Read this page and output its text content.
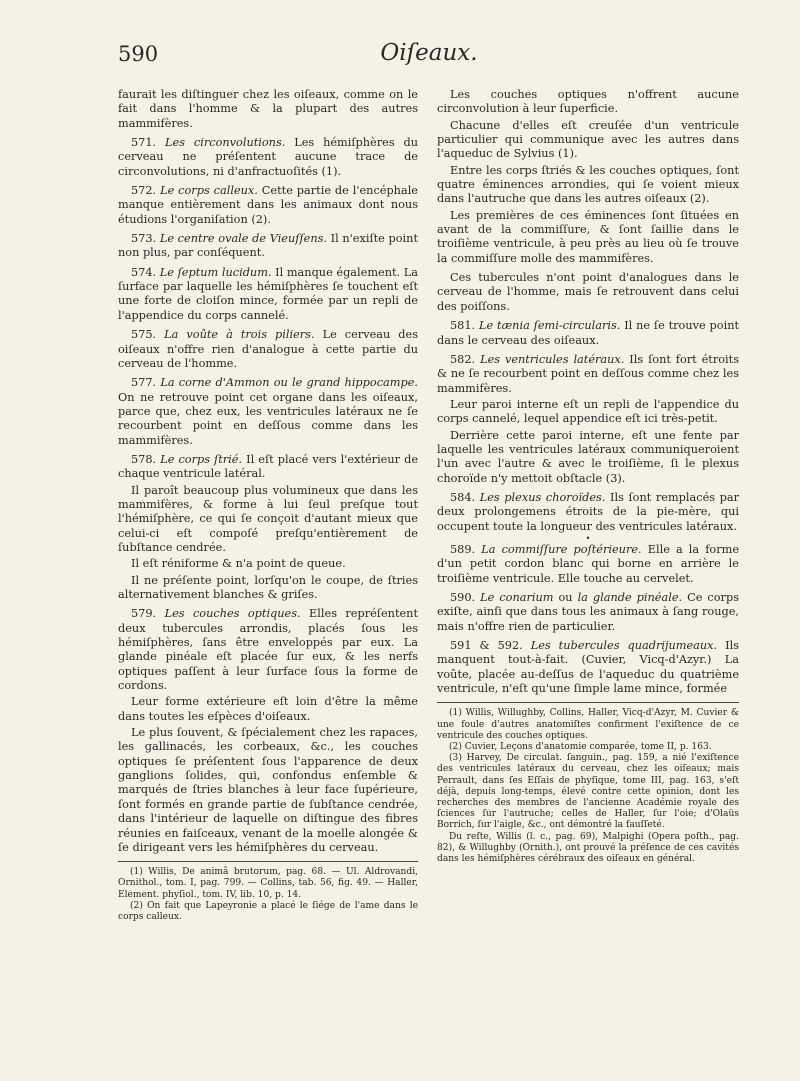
590	Oiſeaux.

faurait les diſtinguer chez les oiſeaux, comme on le fait dans l'homme & la plupart des autres mammifères.

571. Les circonvolutions. Les hémiſphères du cerveau ne préſentent aucune trace de circonvolutions, ni d'anfractuoſités (1).

572. Le corps calleux. Cette partie de l'encéphale manque entièrement dans les animaux dont nous étudions l'organiſation (2).

573. Le centre ovale de Vieuſſens. Il n'exiſte point non plus, par conſéquent.

574. Le ſeptum lucidum. Il manque également. La ſurface par laquelle les hémiſphères ſe touchent eſt une forte de cloiſon mince, formée par un repli de l'appendice du corps cannelé.

575. La voûte à trois piliers. Le cerveau des oiſeaux n'offre rien d'analogue à cette partie du cerveau de l'homme.

577. La corne d'Ammon ou le grand hippocampe. On ne retrouve point cet organe dans les oiſeaux, parce que, chez eux, les ventricules latéraux ne ſe recourbent point en deſſous comme dans les mammifères.

578. Le corps ſtrié. Il eſt placé vers l'extérieur de chaque ventricule latéral.

Il paroît beaucoup plus volumineux que dans les mammifères, & forme à lui ſeul preſque tout l'hémiſphère, ce qui ſe conçoit d'autant mieux que celui-ci eſt compoſé preſqu'entièrement de ſubſtance cendrée.

Il eſt réniforme & n'a point de queue.

Il ne préſente point, lorſqu'on le coupe, de ſtries alternativement blanches & griſes.

579. Les couches optiques. Elles repréſentent deux tubercules arrondis, placés ſous les hémiſphères, ſans être enveloppés par eux. La glande pinéale eſt placée ſur eux, & les nerfs optiques paſſent à leur ſurface ſous la forme de cordons.

Leur forme extérieure eſt loin d'être la même dans toutes les eſpèces d'oiſeaux.

Le plus ſouvent, & ſpécialement chez les rapaces, les gallinacés, les corbeaux, &c., les couches optiques ſe préſentent ſous l'apparence de deux ganglions ſolides, qui, confondus enſemble & marqués de ſtries blanches à leur face ſupérieure, ſont formés en grande partie de ſubſtance cendrée, dans l'intérieur de laquelle on diſtingue des fibres réunies en faiſceaux, venant de la moelle alongée & ſe dirigeant vers les hémiſphères du cerveau.

(1) Willis, De animâ brutorum, pag. 68. — Ul. Aldrovandi, Ornithol., tom. I, pag. 799. — Collins, tab. 56, fig. 49. — Haller, Element. phyſiol., tom. IV, lib. 10, p. 14.

(2) On fait que Lapeyronie a placé le ſiége de l'ame dans le corps calleux.

Les couches optiques n'offrent aucune circonvolution à leur ſuperficie.

Chacune d'elles eſt creuſée d'un ventricule particulier qui communique avec les autres dans l'aqueduc de Sylvius (1).

Entre les corps ſtriés & les couches optiques, ſont quatre éminences arrondies, qui ſe voient mieux dans l'autruche que dans les autres oiſeaux (2).

Les premières de ces éminences ſont ſituées en avant de la commiſſure, & ſont ſaillie dans le troiſième ventricule, à peu près au lieu où ſe trouve la commiſſure molle des mammifères.

Ces tubercules n'ont point d'analogues dans le cerveau de l'homme, mais ſe retrouvent dans celui des poiſſons.

581. Le tænia ſemi-circularis. Il ne ſe trouve point dans le cerveau des oiſeaux.

582. Les ventricules latéraux. Ils ſont fort étroits & ne ſe recourbent point en deſſous comme chez les mammifères.

Leur paroi interne eſt un repli de l'appendice du corps cannelé, lequel appendice eſt ici très-petit.

Derrière cette paroi interne, eſt une fente par laquelle les ventricules latéraux communiqueroient l'un avec l'autre & avec le troiſième, ſi le plexus choroïde n'y mettoit obſtacle (3).

584. Les plexus choroïdes. Ils ſont remplacés par deux prolongemens étroits de la pie-mère, qui occupent toute la longueur des ventricules latéraux.

•

589. La commiſſure poſtérieure. Elle a la forme d'un petit cordon blanc qui borne en arrière le troiſième ventricule. Elle touche au cervelet.

590. Le conarium ou la glande pinéale. Ce corps exiſte, ainſi que dans tous les animaux à ſang rouge, mais n'offre rien de particulier.

591 & 592. Les tubercules quadrijumeaux. Ils manquent tout-à-fait. (Cuvier, Vicq-d'Azyr.) La voûte, placée au-deſſus de l'aqueduc du quatrième ventricule, n'eſt qu'une ſimple lame mince, formée

(1) Willis, Willughby, Collins, Haller, Vicq-d'Azyr, M. Cuvier & une foule d'autres anatomiſtes confirment l'exiſtence de ce ventricule des couches optiques.

(2) Cuvier, Leçons d'anatomie comparée, tome II, p. 163.

(3) Harvey, De circulat. ſanguin., pag. 159, a nié l'exiſtence des ventricules latéraux du cerveau, chez les oiſeaux; mais Perrault, dans ſes Eſſais de phyſique, tome III, pag. 163, s'eſt déjà, depuis long-temps, élevé contre cette opinion, dont les recherches des membres de l'ancienne Académie royale des ſciences ſur l'autruche; celles de Haller, ſur l'oie; d'Olaüs Borrich, ſur l'aigle, &c., ont démontré la fauſſeté.

Du reſte, Willis (l. c., pag. 69), Malpighi (Opera poſth., pag. 82), & Willughby (Ornith.), ont prouvé la préſence de ces cavités dans les hémiſphères cérébraux des oiſeaux en général.
